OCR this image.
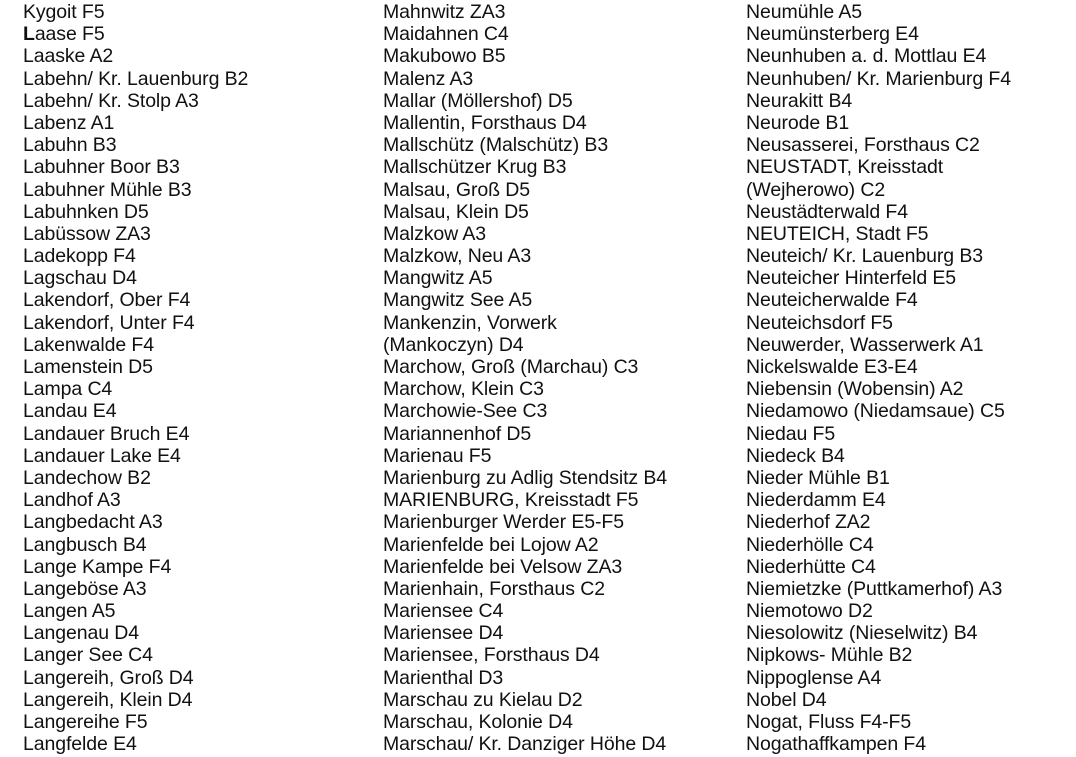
Kygoit F5
Laase F5
Laaske A2
Labehn/ Kr. Lauenburg B2
Labehn/ Kr. Stolp A3
Labenz A1
Labuhn B3
Labuhner Boor B3
Labuhner Mühle B3
Labuhnken D5
Labüssow ZA3
Ladekopp F4
Lagschau D4
Lakendorf, Ober F4
Lakendorf, Unter F4
Lakenwalde F4
Lamenstein D5
Lampa C4
Landau E4
Landauer Bruch E4
Landauer Lake E4
Landechow B2
Landhof A3
Langbedacht A3
Langbusch B4
Lange Kampe F4
Langeböse A3
Langen A5
Langenau D4
Langer See C4
Langereih, Groß D4
Langereih, Klein D4
Langereihe F5
Langfelde E4
Mahnwitz ZA3
Maidahnen C4
Makubowo B5
Malenz A3
Mallar (Möllershof) D5
Mallentin, Forsthaus D4
Mallschütz (Malschütz) B3
Mallschützer Krug B3
Malsau, Groß D5
Malsau, Klein D5
Malzkow A3
Malzkow, Neu A3
Mangwitz A5
Mangwitz See A5
Mankenzin, Vorwerk
(Mankoczyn) D4
Marchow, Groß (Marchau) C3
Marchow, Klein C3
Marchowie-See C3
Mariannenhof D5
Marienau F5
Marienburg zu Adlig Stendsitz B4
MARIENBURG, Kreisstadt F5
Marienburger Werder E5-F5
Marienfelde bei Lojow A2
Marienfelde bei Velsow ZA3
Marienhain, Forsthaus C2
Mariensee C4
Mariensee D4
Mariensee, Forsthaus D4
Marienthal D3
Marschau zu Kielau D2
Marschau, Kolonie D4
Marschau/ Kr. Danziger Höhe D4
Neumühle A5
Neumünsterberg E4
Neunhuben a. d. Mottlau E4
Neunhuben/ Kr. Marienburg F4
Neurakitt B4
Neurode B1
Neusasserei, Forsthaus C2
NEUSTADT, Kreisstadt
(Wejherowo) C2
Neustädterwald F4
NEUTEICH, Stadt F5
Neuteich/ Kr. Lauenburg B3
Neuteicher Hinterfeld E5
Neuteicherwalde F4
Neuteichsdorf F5
Neuwerder, Wasserwerk A1
Nickelswalde E3-E4
Niebensin (Wobensin) A2
Niedamowo (Niedamsaue) C5
Niedau F5
Niedeck B4
Nieder Mühle B1
Niederdamm E4
Niederhof ZA2
Niederhölle C4
Niederhütte C4
Niemietzke (Puttkamerhof) A3
Niemotowo D2
Niesolowitz (Nieselwitz) B4
Nipkows- Mühle B2
Nippoglense A4
Nobel D4
Nogat, Fluss F4-F5
Nogathaffkampen F4
